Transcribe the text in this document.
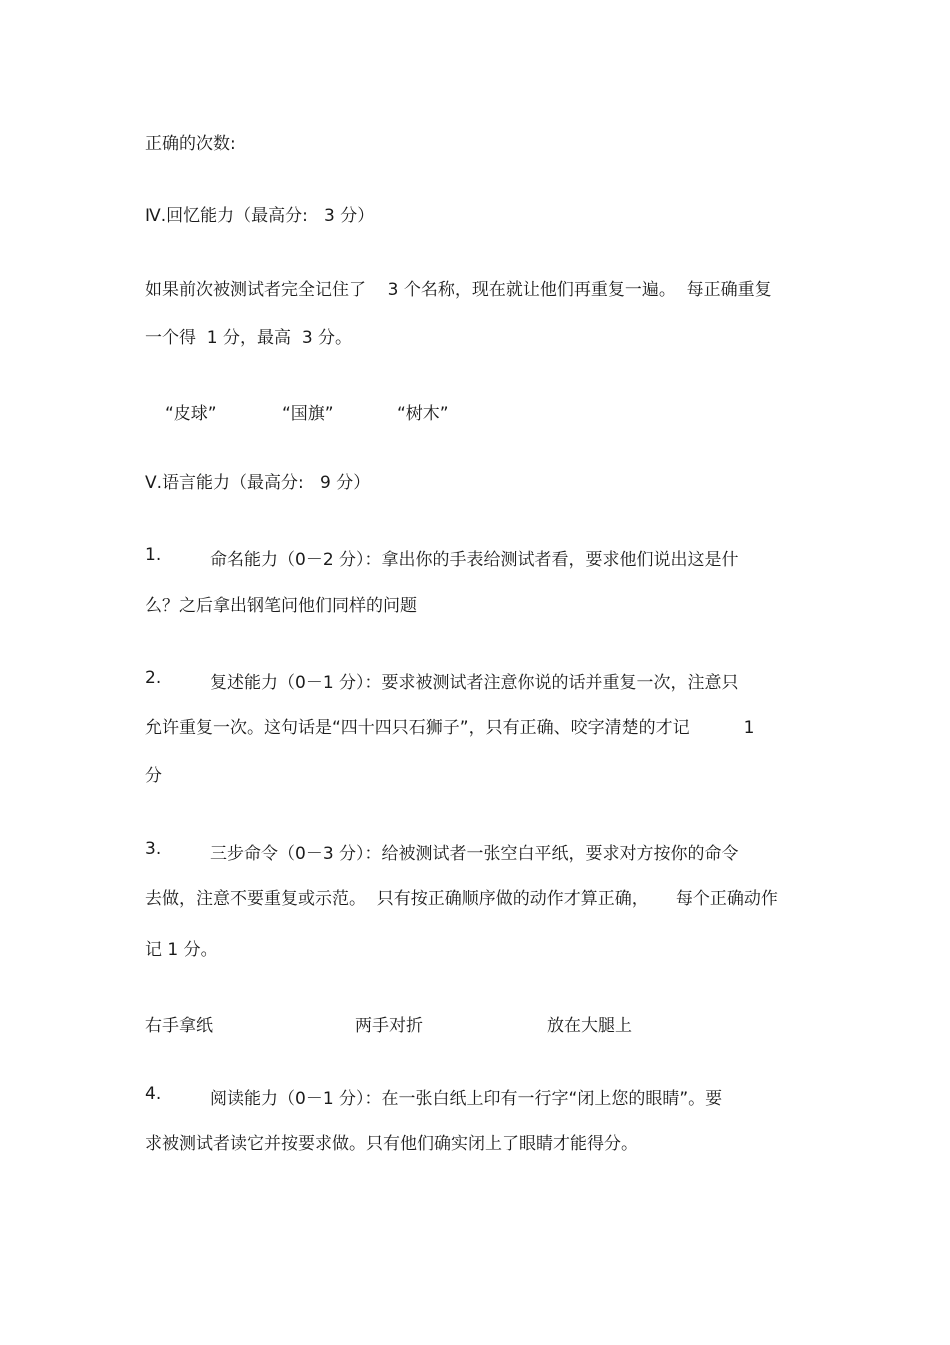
正确的次数:
Ⅳ.回忆能力（最高分:   3 分）
如果前次被测试者完全记住了    3 个名称，现在就让他们再重复一遍。  每正确重复
一个得  1 分，最高  3 分。
“皮球”	“国旗”	“树木”
Ⅴ.语言能力（最高分:   9 分）
1.	命名能力（0－2 分）：拿出你的手表给测试者看，要求他们说出这是什
么？之后拿出钢笔问他们同样的问题
2.	复述能力（0－1 分）：要求被测试者注意你说的话并重复一次，注意只
允许重复一次。这句话是“四十四只石狮子”，只有正确、咬字清楚的才记          1
分
3.	三步命令（0－3 分）：给被测试者一张空白平纸，要求对方按你的命令
去做，注意不要重复或示范。  只有按正确顺序做的动作才算正确，     每个正确动作
记 1 分。
右手拿纸	两手对折	放在大腿上
4.	阅读能力（0－1 分）：在一张白纸上印有一行字“闭上您的眼睛”。要
求被测试者读它并按要求做。只有他们确实闭上了眼睛才能得分。
